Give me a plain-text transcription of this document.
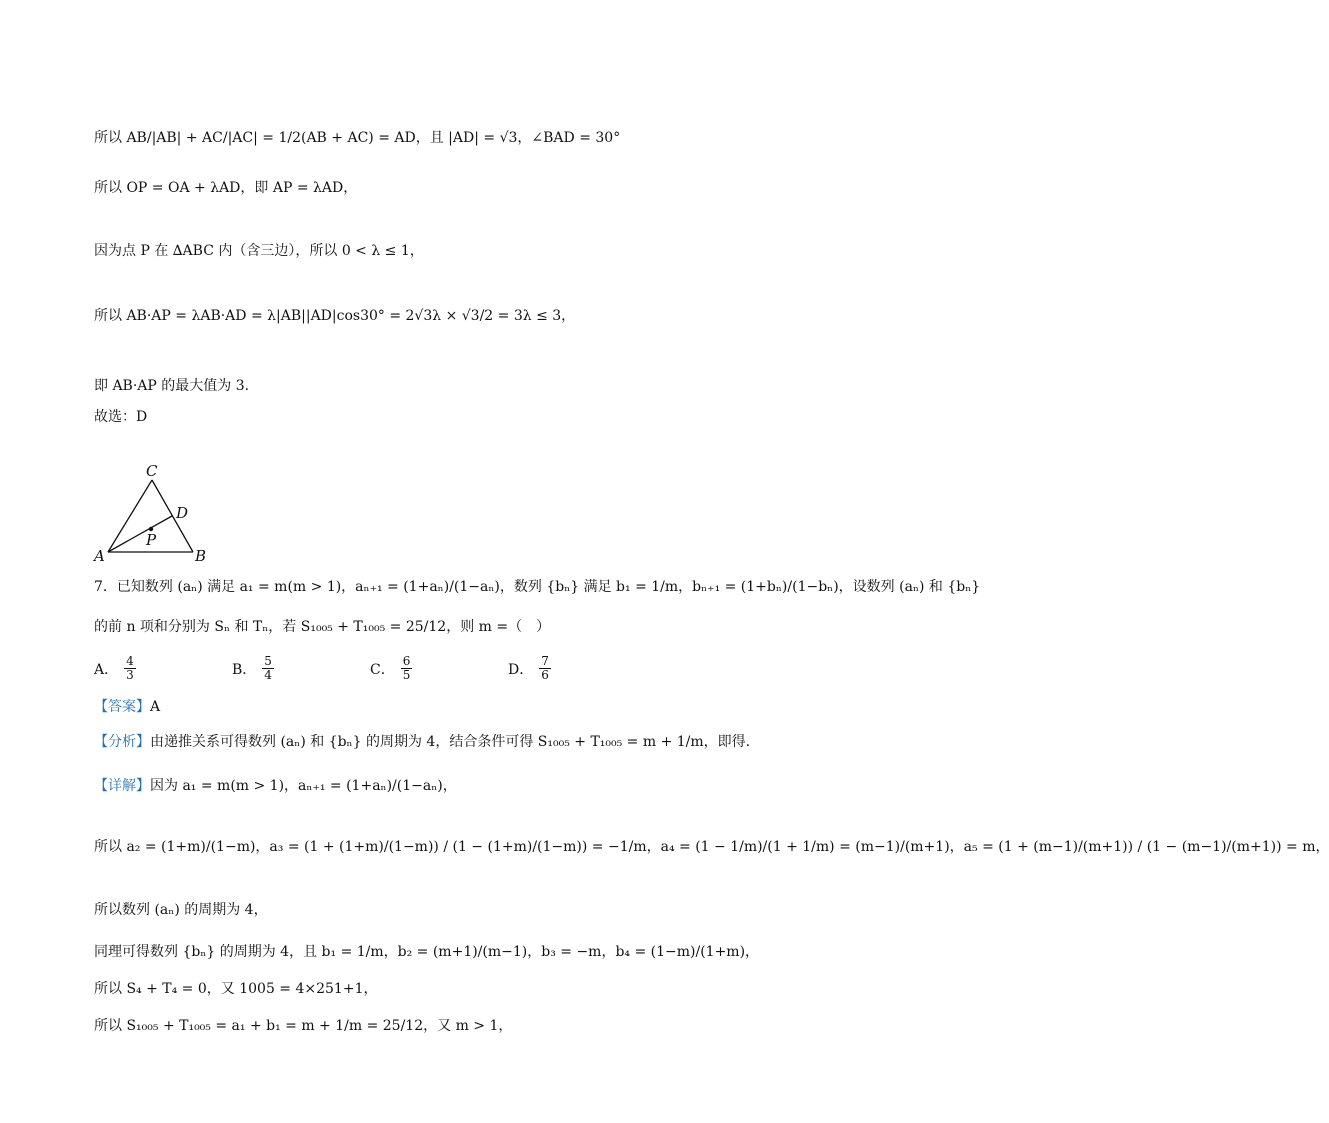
所以 AB/|AB| + AC/|AC| = 1/2(AB + AC) = AD，且 |AD| = √3，∠BAD = 30°
所以 OP = OA + λAD，即 AP = λAD，
因为点 P 在 ∆ABC 内（含三边），所以 0 < λ ≤ 1，
所以 AB·AP = λAB·AD = λ|AB||AD|cos30° = 2√3λ × √3/2 = 3λ ≤ 3，
即 AB·AP 的最大值为 3.
故选：D
C
D
P
A	B
7．已知数列 (aₙ) 满足 a₁ = m(m > 1)，aₙ₊₁ = (1+aₙ)/(1−aₙ)，数列 {bₙ} 满足 b₁ = 1/m，bₙ₊₁ = (1+bₙ)/(1−bₙ)，设数列 (aₙ) 和 {bₙ}
的前 n 项和分别为 Sₙ 和 Tₙ，若 S₁₀₀₅ + T₁₀₀₅ = 25/12，则 m =（　）
A． $\frac{4}{3}$	B． $\frac{5}{4}$	C． $\frac{6}{5}$	D． $\frac{7}{6}$
【答案】A
【分析】由递推关系可得数列 (aₙ) 和 {bₙ} 的周期为 4，结合条件可得 S₁₀₀₅ + T₁₀₀₅ = m + 1/m，即得.
【详解】因为 a₁ = m(m > 1)，aₙ₊₁ = (1+aₙ)/(1−aₙ)，
所以 a₂ = (1+m)/(1−m)，a₃ = (1 + (1+m)/(1−m)) / (1 − (1+m)/(1−m)) = −1/m，a₄ = (1 − 1/m)/(1 + 1/m) = (m−1)/(m+1)，a₅ = (1 + (m−1)/(m+1)) / (1 − (m−1)/(m+1)) = m，
所以数列 (aₙ) 的周期为 4，
同理可得数列 {bₙ} 的周期为 4，且 b₁ = 1/m，b₂ = (m+1)/(m−1)，b₃ = −m，b₄ = (1−m)/(1+m)，
所以 S₄ + T₄ = 0，又 1005 = 4×251+1，
所以 S₁₀₀₅ + T₁₀₀₅ = a₁ + b₁ = m + 1/m = 25/12，又 m > 1，
